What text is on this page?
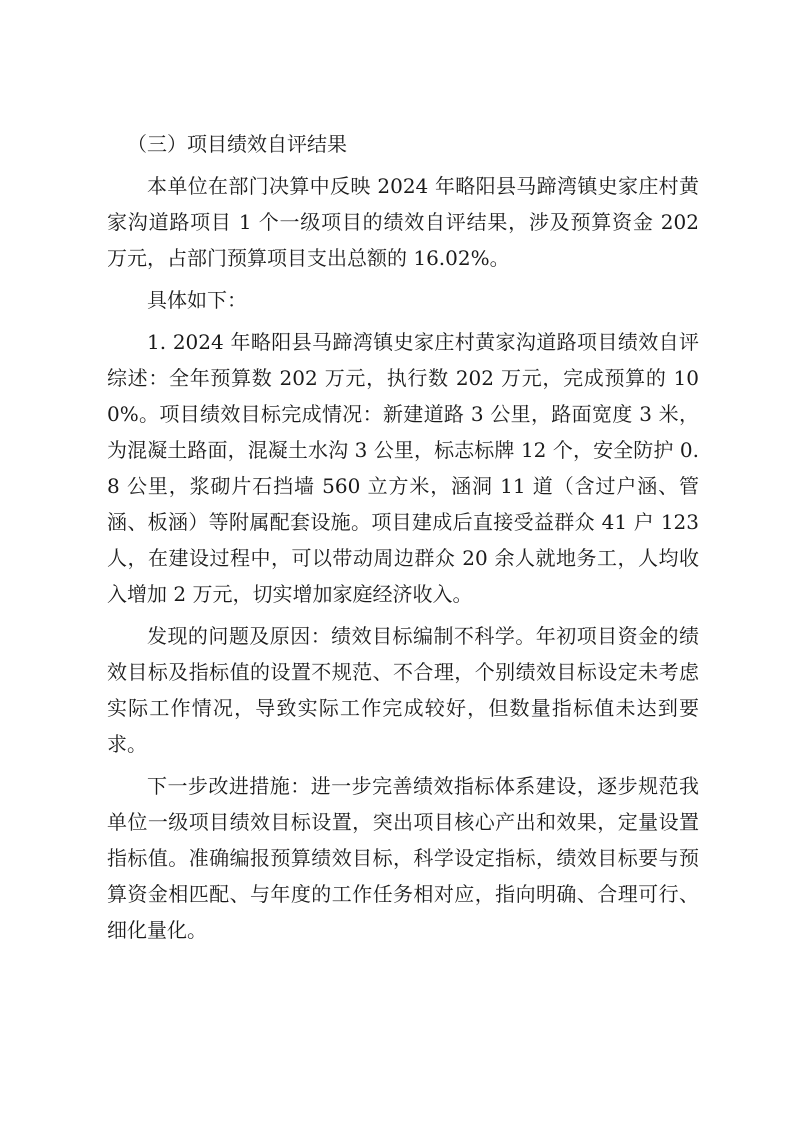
（三）项目绩效自评结果

本单位在部门决算中反映 2024 年略阳县马蹄湾镇史家庄村黄家沟道路项目 1 个一级项目的绩效自评结果，涉及预算资金 202 万元，占部门预算项目支出总额的 16.02%。

具体如下：

1. 2024 年略阳县马蹄湾镇史家庄村黄家沟道路项目绩效自评综述：全年预算数 202 万元，执行数 202 万元，完成预算的 100%。项目绩效目标完成情况：新建道路 3 公里，路面宽度 3 米，为混凝土路面，混凝土水沟 3 公里，标志标牌 12 个，安全防护 0.8 公里，浆砌片石挡墙 560 立方米，涵洞 11 道（含过户涵、管涵、板涵）等附属配套设施。项目建成后直接受益群众 41 户 123 人，在建设过程中，可以带动周边群众 20 余人就地务工，人均收入增加 2 万元，切实增加家庭经济收入。

发现的问题及原因：绩效目标编制不科学。年初项目资金的绩效目标及指标值的设置不规范、不合理，个别绩效目标设定未考虑实际工作情况，导致实际工作完成较好，但数量指标值未达到要求。

下一步改进措施：进一步完善绩效指标体系建设，逐步规范我单位一级项目绩效目标设置，突出项目核心产出和效果，定量设置指标值。准确编报预算绩效目标，科学设定指标，绩效目标要与预算资金相匹配、与年度的工作任务相对应，指向明确、合理可行、细化量化。
